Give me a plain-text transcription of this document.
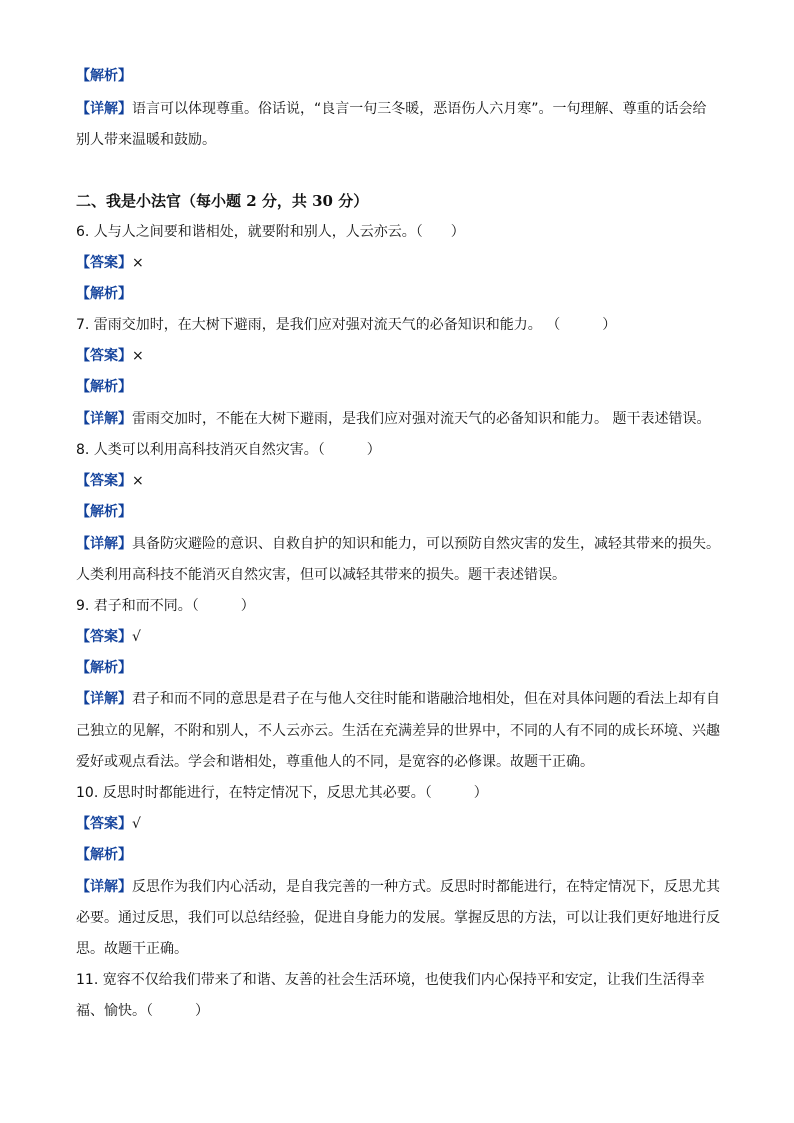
【解析】
【详解】语言可以体现尊重。俗话说，“良言一句三冬暖，恶语伤人六月寒”。一句理解、尊重的话会给
别人带来温暖和鼓励。
二、我是小法官（每小题 2 分，共 30 分）
6. 人与人之间要和谐相处，就要附和别人，人云亦云。（　　）
【答案】×
【解析】
7. 雷雨交加时，在大树下避雨，是我们应对强对流天气的必备知识和能力。 （　　　）
【答案】×
【解析】
【详解】雷雨交加时，不能在大树下避雨，是我们应对强对流天气的必备知识和能力。 题干表述错误。
8. 人类可以利用高科技消灭自然灾害。（　　　）
【答案】×
【解析】
【详解】具备防灾避险的意识、自救自护的知识和能力，可以预防自然灾害的发生，减轻其带来的损失。
人类利用高科技不能消灭自然灾害，但可以减轻其带来的损失。题干表述错误。
9. 君子和而不同。（　　　）
【答案】√
【解析】
【详解】君子和而不同的意思是君子在与他人交往时能和谐融洽地相处，但在对具体问题的看法上却有自
己独立的见解，不附和别人，不人云亦云。生活在充满差异的世界中，不同的人有不同的成长环境、兴趣
爱好或观点看法。学会和谐相处，尊重他人的不同，是宽容的必修课。故题干正确。
10. 反思时时都能进行，在特定情况下，反思尤其必要。（　　　）
【答案】√
【解析】
【详解】反思作为我们内心活动，是自我完善的一种方式。反思时时都能进行，在特定情况下，反思尤其
必要。通过反思，我们可以总结经验，促进自身能力的发展。掌握反思的方法，可以让我们更好地进行反
思。故题干正确。
11. 宽容不仅给我们带来了和谐、友善的社会生活环境，也使我们内心保持平和安定，让我们生活得幸
福、愉快。（　　　）
